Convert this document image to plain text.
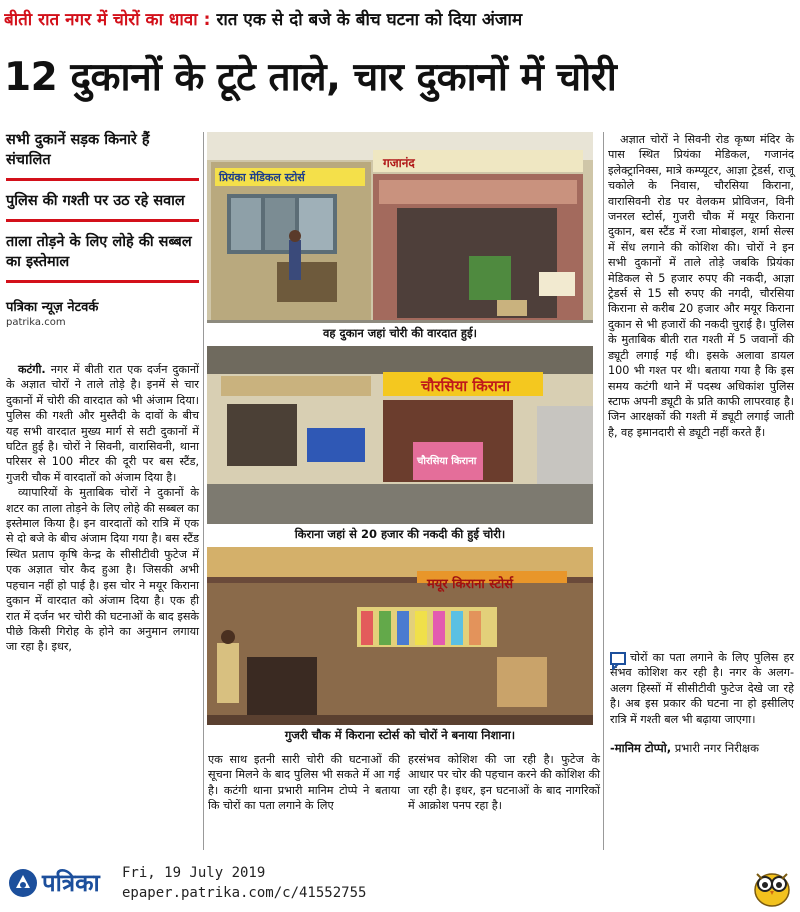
बीती रात नगर में चोरों का धावा : रात एक से दो बजे के बीच घटना को दिया अंजाम
12 दुकानों के टूटे ताले, चार दुकानों में चोरी
सभी दुकानें सड़क किनारे हैं संचालित
पुलिस की गश्ती पर उठ रहे सवाल
ताला तोड़ने के लिए लोहे की सब्बल का इस्तेमाल
पत्रिका न्यूज़ नेटवर्क
patrika.com

कटंगी. नगर में बीती रात एक दर्जन दुकानों के अज्ञात चोरों ने ताले तोड़े है। इनमें से चार दुकानों में चोरी की वारदात को भी अंजाम दिया। पुलिस की गश्ती और मुस्तैदी के दावों के बीच यह सभी वारदात मुख्य मार्ग से सटी दुकानों में घटित हुई है। चोरों ने सिवनी, वारासिवनी, थाना परिसर से 100 मीटर की दूरी पर बस स्टैंड, गुजरी चौक में वारदातों को अंजाम दिया है।

व्यापारियों के मुताबिक चोरों ने दुकानों के शटर का ताला तोड़ने के लिए लोहे की सब्बल का इस्तेमाल किया है। इन वारदातों को रात्रि में एक से दो बजे के बीच अंजाम दिया गया है। बस स्टैंड स्थित प्रताप कृषि केन्द्र के सीसीटीवी फुटेज में एक अज्ञात चोर कैद हुआ है। जिसकी अभी पहचान नहीं हो पाई है। इस चोर ने मयूर किराना दुकान में वारदात को अंजाम दिया है। एक ही रात में दर्जन भर चोरी की घटनाओं के बाद इसके पीछे किसी गिरोह के होने का अनुमान लगाया जा रहा है। इधर,

प्रियंका मेडिकल स्टोर्स
गजानंद
वह दुकान जहां चोरी की वारदात हुई।
चौरसिया किराना
चौरसिया किराना
किराना जहां से 20 हजार की नकदी की हुई चोरी।
मयूर किराना स्टोर्स
गुजरी चौक में किराना स्टोर्स को चोरों ने बनाया निशाना।

एक साथ इतनी सारी चोरी की घटनाओं की सूचना मिलने के बाद पुलिस भी सकते में आ गई है। कटंगी थाना प्रभारी मानिम टोप्पे ने बताया कि चोरों का पता लगाने के लिए

हरसंभव कोशिश की जा रही है। फुटेज के आधार पर चोर की पहचान करने की कोशिश की जा रही है। इधर, इन घटनाओं के बाद नागरिकों में आक्रोश पनप रहा है।

अज्ञात चोरों ने सिवनी रोड कृष्ण मंदिर के पास स्थित प्रियंका मेडिकल, गजानंद इलेक्ट्रानिक्स, मात्रे कम्प्यूटर, आज्ञा ट्रेडर्स, राजू चकोले के निवास, चौरसिया किराना, वारासिवनी रोड पर वेलकम प्रोविजन, विनी जनरल स्टोर्स, गुजरी चौक में मयूर किराना दुकान, बस स्टैंड में रजा मोबाइल, शर्मा सेल्स में सेंध लगाने की कोशिश की। चोरों ने इन सभी दुकानों में ताले तोड़े जबकि प्रियंका मेडिकल से 5 हजार रुपए की नकदी, आज्ञा ट्रेडर्स से 15 सौ रुपए की नगदी, चौरसिया किराना से करीब 20 हजार और मयूर किराना दुकान से भी हजारों की नकदी चुराई है। पुलिस के मुताबिक बीती रात गश्ती में 5 जवानों की ड्यूटी लगाई गई थी। इसके अलावा डायल 100 भी गश्त पर थी। बताया गया है कि इस समय कटंगी थाने में पदस्थ अधिकांश पुलिस स्टाफ अपनी ड्यूटी के प्रति काफी लापरवाह है। जिन आरक्षकों की गश्ती में ड्यूटी लगाई जाती है, वह इमानदारी से ड्यूटी नहीं करते हैं।

चोरों का पता लगाने के लिए पुलिस हर संभव कोशिश कर रही है। नगर के अलग-अलग हिस्सों में सीसीटीवी फुटेज देखे जा रहे है। अब इस प्रकार की घटना ना हो इसीलिए रात्रि में गश्ती बल भी बढ़ाया जाएगा।
-मानिम टोप्पो, प्रभारी नगर निरीक्षक
पत्रिका Fri, 19 July 2019
epaper.patrika.com/c/41552755
